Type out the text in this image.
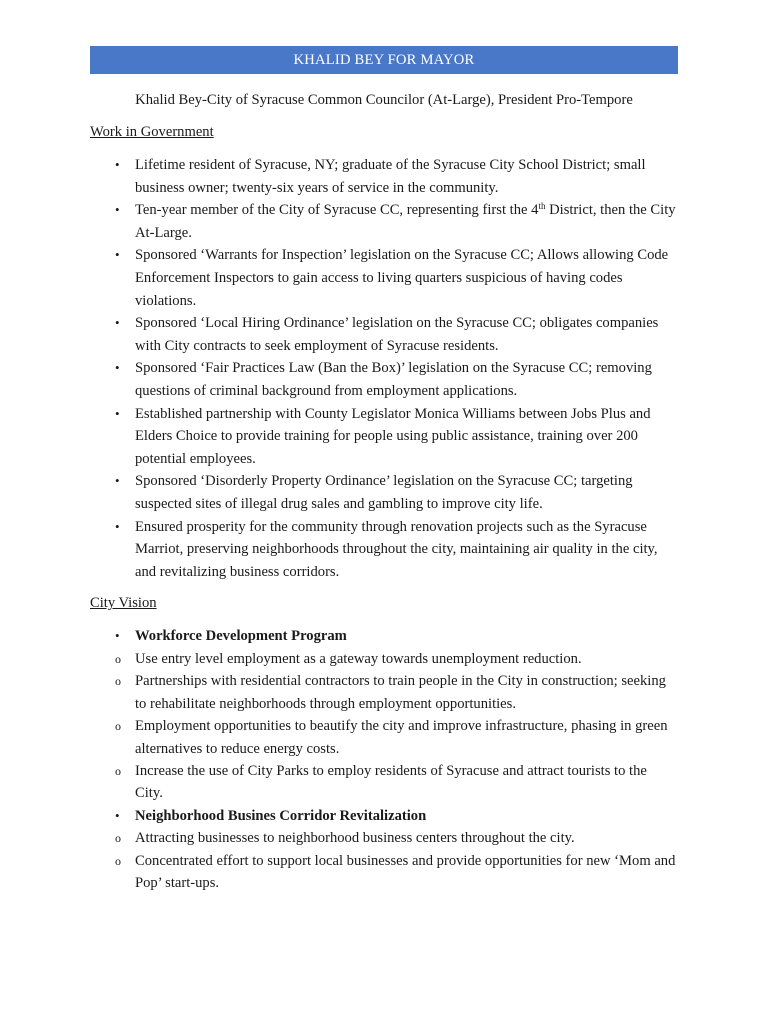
KHALID BEY FOR MAYOR
Khalid Bey-City of Syracuse Common Councilor (At-Large), President Pro-Tempore
Work in Government
• Lifetime resident of Syracuse, NY; graduate of the Syracuse City School District; small business owner; twenty-six years of service in the community.
• Ten-year member of the City of Syracuse CC, representing first the 4th District, then the City At-Large.
• Sponsored ‘Warrants for Inspection’ legislation on the Syracuse CC; Allows allowing Code Enforcement Inspectors to gain access to living quarters suspicious of having codes violations.
• Sponsored ‘Local Hiring Ordinance’ legislation on the Syracuse CC; obligates companies with City contracts to seek employment of Syracuse residents.
• Sponsored ‘Fair Practices Law (Ban the Box)’ legislation on the Syracuse CC; removing questions of criminal background from employment applications.
• Established partnership with County Legislator Monica Williams between Jobs Plus and Elders Choice to provide training for people using public assistance, training over 200 potential employees.
• Sponsored ‘Disorderly Property Ordinance’ legislation on the Syracuse CC; targeting suspected sites of illegal drug sales and gambling to improve city life.
• Ensured prosperity for the community through renovation projects such as the Syracuse Marriot, preserving neighborhoods throughout the city, maintaining air quality in the city, and revitalizing business corridors.
City Vision
• Workforce Development Program
o Use entry level employment as a gateway towards unemployment reduction.
o Partnerships with residential contractors to train people in the City in construction; seeking to rehabilitate neighborhoods through employment opportunities.
o Employment opportunities to beautify the city and improve infrastructure, phasing in green alternatives to reduce energy costs.
o Increase the use of City Parks to employ residents of Syracuse and attract tourists to the City.
• Neighborhood Busines Corridor Revitalization
o Attracting businesses to neighborhood business centers throughout the city.
o Concentrated effort to support local businesses and provide opportunities for new ‘Mom and Pop’ start-ups.
